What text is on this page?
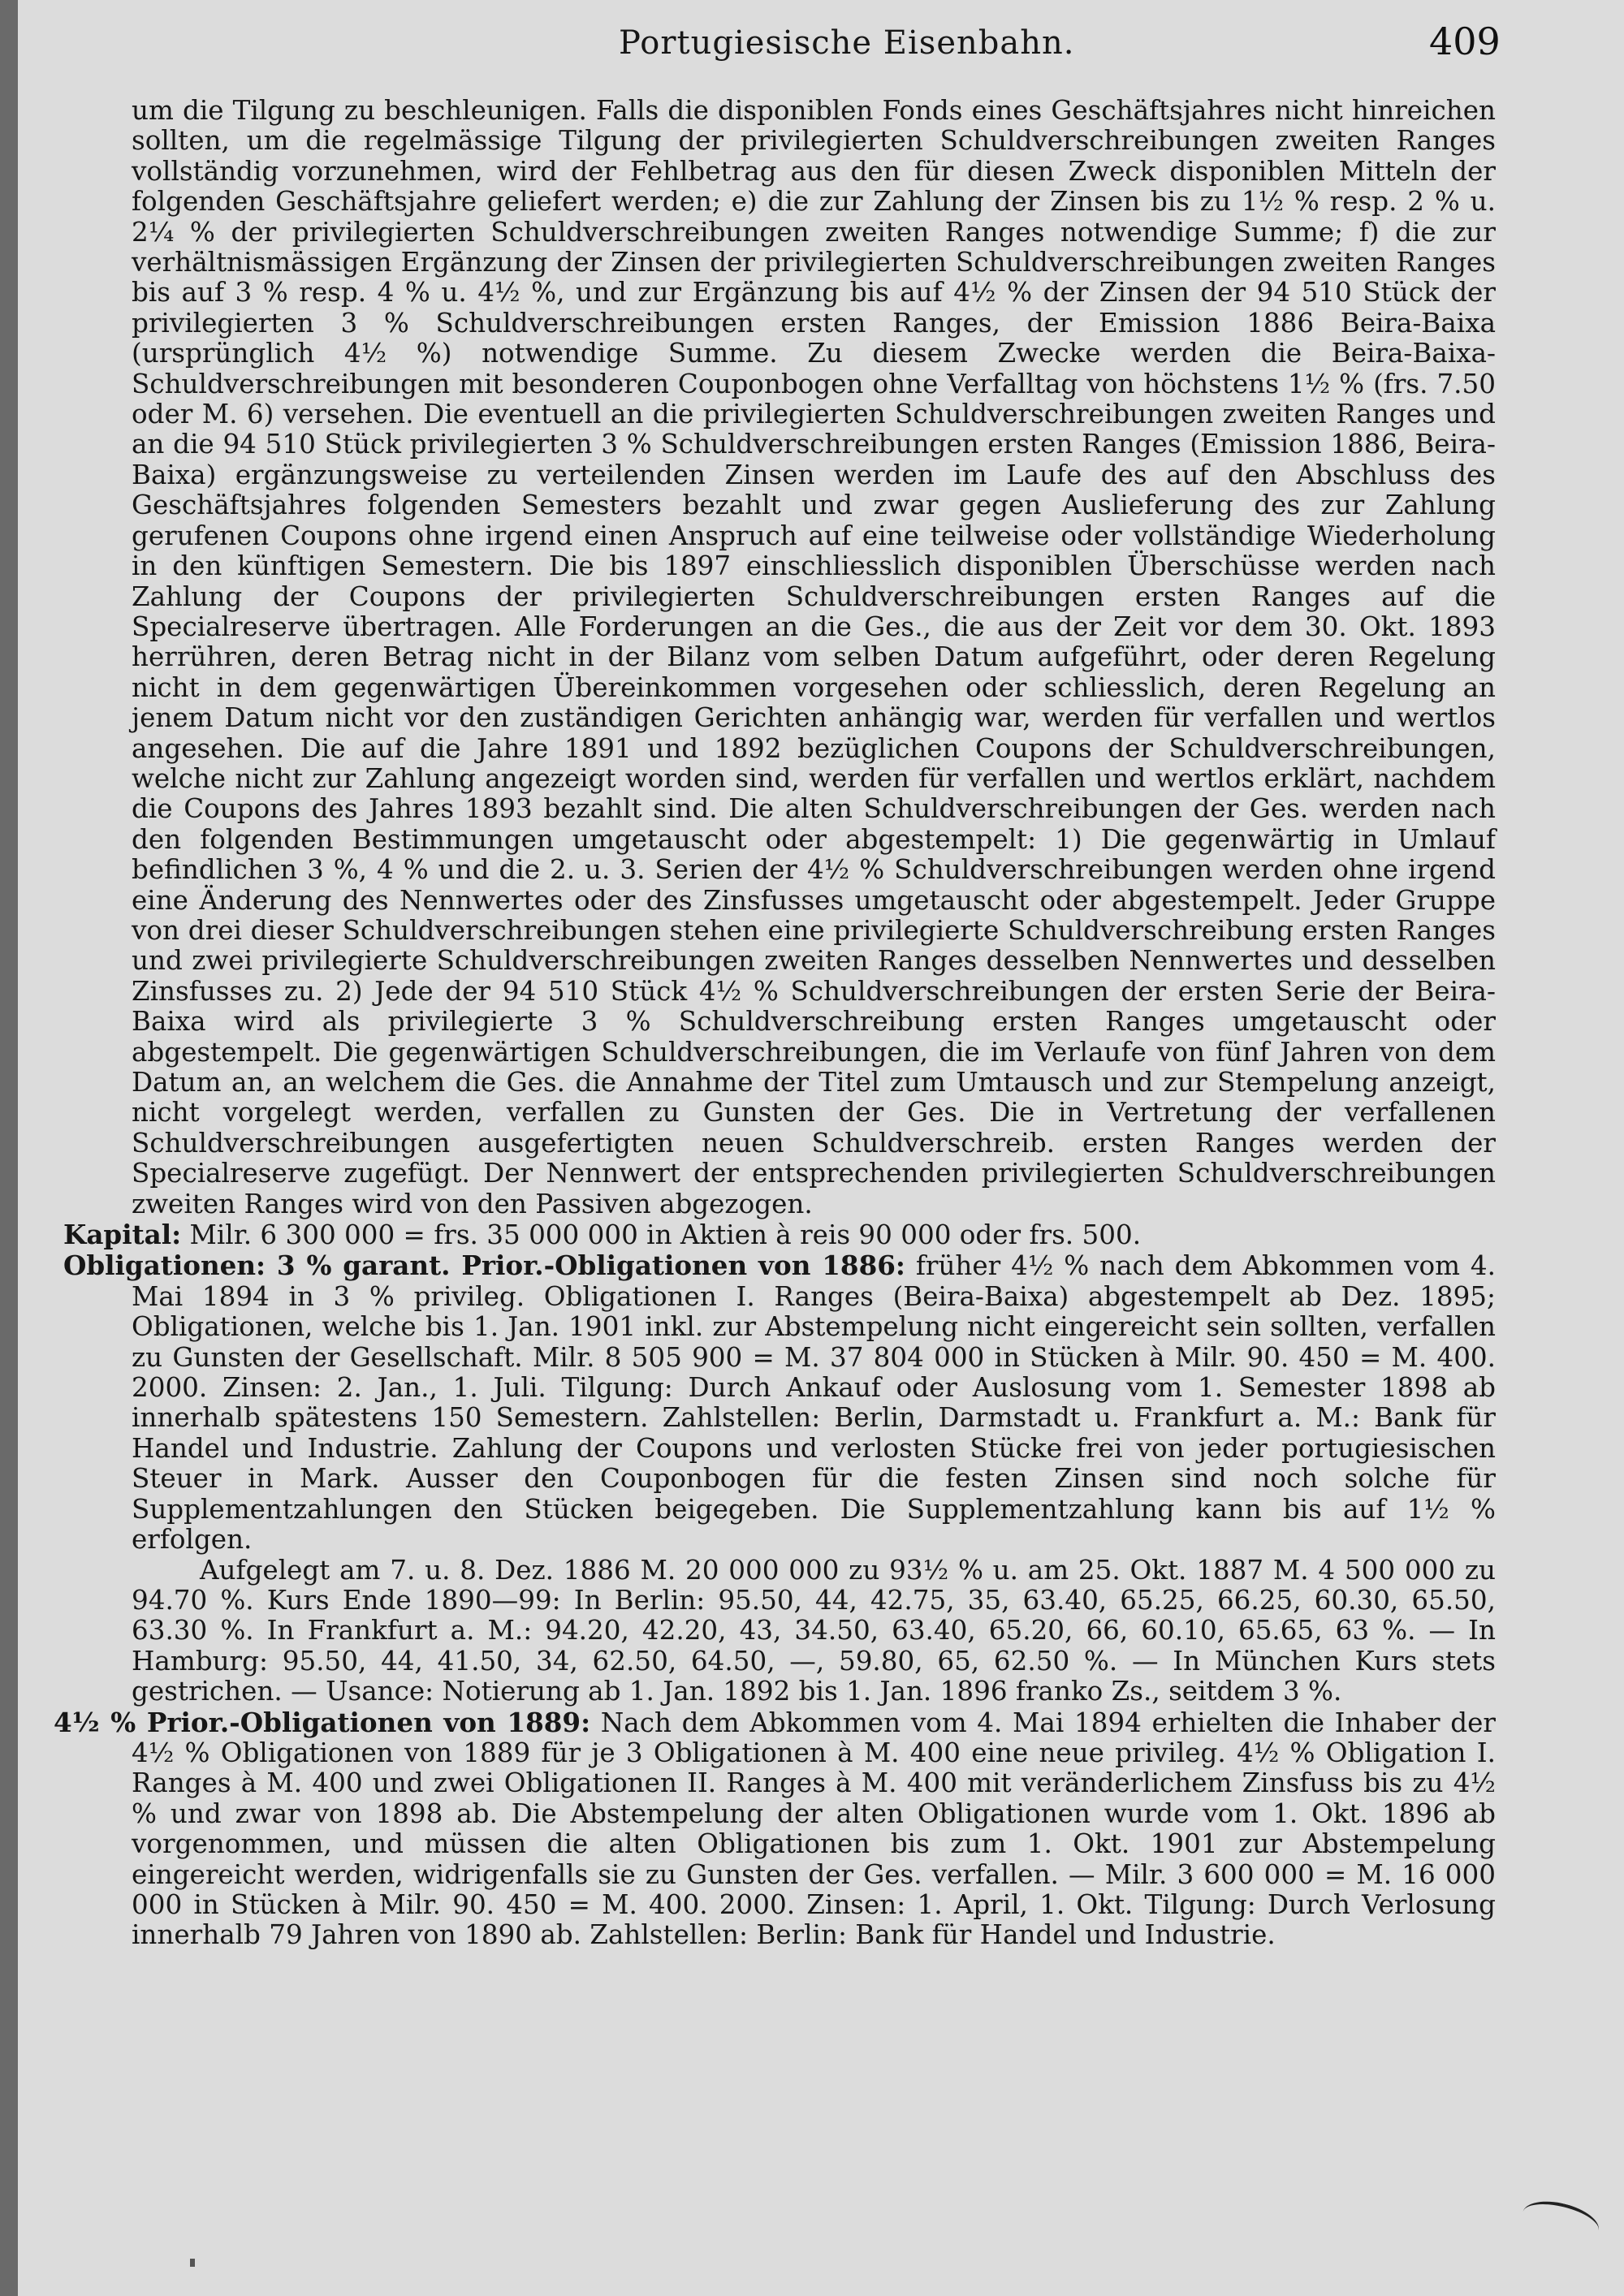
Portugiesische Eisenbahn.	409

um die Tilgung zu beschleunigen. Falls die disponiblen Fonds eines Geschäftsjahres nicht hinreichen sollten, um die regelmässige Tilgung der privilegierten Schuldverschreibungen zweiten Ranges vollständig vorzunehmen, wird der Fehlbetrag aus den für diesen Zweck disponiblen Mitteln der folgenden Geschäftsjahre geliefert werden; e) die zur Zahlung der Zinsen bis zu 1½ % resp. 2 % u. 2¼ % der privilegierten Schuldverschreibungen zweiten Ranges notwendige Summe; f) die zur verhältnismässigen Ergänzung der Zinsen der privilegierten Schuldverschreibungen zweiten Ranges bis auf 3 % resp. 4 % u. 4½ %, und zur Ergänzung bis auf 4½ % der Zinsen der 94 510 Stück der privilegierten 3 % Schuldverschreibungen ersten Ranges, der Emission 1886 Beira-Baixa (ursprünglich 4½ %) notwendige Summe. Zu diesem Zwecke werden die Beira-Baixa-Schuldverschreibungen mit besonderen Couponbogen ohne Verfalltag von höchstens 1½ % (frs. 7.50 oder M. 6) versehen. Die eventuell an die privilegierten Schuldverschreibungen zweiten Ranges und an die 94 510 Stück privilegierten 3 % Schuldverschreibungen ersten Ranges (Emission 1886, Beira-Baixa) ergänzungsweise zu verteilenden Zinsen werden im Laufe des auf den Abschluss des Geschäftsjahres folgenden Semesters bezahlt und zwar gegen Auslieferung des zur Zahlung gerufenen Coupons ohne irgend einen Anspruch auf eine teilweise oder vollständige Wiederholung in den künftigen Semestern. Die bis 1897 einschliesslich disponiblen Überschüsse werden nach Zahlung der Coupons der privilegierten Schuldverschreibungen ersten Ranges auf die Specialreserve übertragen. Alle Forderungen an die Ges., die aus der Zeit vor dem 30. Okt. 1893 herrühren, deren Betrag nicht in der Bilanz vom selben Datum aufgeführt, oder deren Regelung nicht in dem gegenwärtigen Übereinkommen vorgesehen oder schliesslich, deren Regelung an jenem Datum nicht vor den zuständigen Gerichten anhängig war, werden für verfallen und wertlos angesehen. Die auf die Jahre 1891 und 1892 bezüglichen Coupons der Schuldverschreibungen, welche nicht zur Zahlung angezeigt worden sind, werden für verfallen und wertlos erklärt, nachdem die Coupons des Jahres 1893 bezahlt sind. Die alten Schuldverschreibungen der Ges. werden nach den folgenden Bestimmungen umgetauscht oder abgestempelt: 1) Die gegenwärtig in Umlauf befindlichen 3 %, 4 % und die 2. u. 3. Serien der 4½ % Schuldverschreibungen werden ohne irgend eine Änderung des Nennwertes oder des Zinsfusses umgetauscht oder abgestempelt. Jeder Gruppe von drei dieser Schuldverschreibungen stehen eine privilegierte Schuldverschreibung ersten Ranges und zwei privilegierte Schuldverschreibungen zweiten Ranges desselben Nennwertes und desselben Zinsfusses zu. 2) Jede der 94 510 Stück 4½ % Schuldverschreibungen der ersten Serie der Beira-Baixa wird als privilegierte 3 % Schuldverschreibung ersten Ranges umgetauscht oder abgestempelt. Die gegenwärtigen Schuldverschreibungen, die im Verlaufe von fünf Jahren von dem Datum an, an welchem die Ges. die Annahme der Titel zum Umtausch und zur Stempelung anzeigt, nicht vorgelegt werden, verfallen zu Gunsten der Ges. Die in Vertretung der verfallenen Schuldverschreibungen ausgefertigten neuen Schuldverschreib. ersten Ranges werden der Specialreserve zugefügt. Der Nennwert der entsprechenden privilegierten Schuldverschreibungen zweiten Ranges wird von den Passiven abgezogen.

Kapital: Milr. 6 300 000 = frs. 35 000 000 in Aktien à reis 90 000 oder frs. 500.

Obligationen: 3 % garant. Prior.-Obligationen von 1886: früher 4½ % nach dem Abkommen vom 4. Mai 1894 in 3 % privileg. Obligationen I. Ranges (Beira-Baixa) abgestempelt ab Dez. 1895; Obligationen, welche bis 1. Jan. 1901 inkl. zur Abstempelung nicht eingereicht sein sollten, verfallen zu Gunsten der Gesellschaft. Milr. 8 505 900 = M. 37 804 000 in Stücken à Milr. 90. 450 = M. 400. 2000. Zinsen: 2. Jan., 1. Juli. Tilgung: Durch Ankauf oder Auslosung vom 1. Semester 1898 ab innerhalb spätestens 150 Semestern. Zahlstellen: Berlin, Darmstadt u. Frankfurt a. M.: Bank für Handel und Industrie. Zahlung der Coupons und verlosten Stücke frei von jeder portugiesischen Steuer in Mark. Ausser den Couponbogen für die festen Zinsen sind noch solche für Supplementzahlungen den Stücken beigegeben. Die Supplementzahlung kann bis auf 1½ % erfolgen.

Aufgelegt am 7. u. 8. Dez. 1886 M. 20 000 000 zu 93½ % u. am 25. Okt. 1887 M. 4 500 000 zu 94.70 %. Kurs Ende 1890—99: In Berlin: 95.50, 44, 42.75, 35, 63.40, 65.25, 66.25, 60.30, 65.50, 63.30 %. In Frankfurt a. M.: 94.20, 42.20, 43, 34.50, 63.40, 65.20, 66, 60.10, 65.65, 63 %. — In Hamburg: 95.50, 44, 41.50, 34, 62.50, 64.50, —, 59.80, 65, 62.50 %. — In München Kurs stets gestrichen. — Usance: Notierung ab 1. Jan. 1892 bis 1. Jan. 1896 franko Zs., seitdem 3 %.

4½ % Prior.-Obligationen von 1889: Nach dem Abkommen vom 4. Mai 1894 erhielten die Inhaber der 4½ % Obligationen von 1889 für je 3 Obligationen à M. 400 eine neue privileg. 4½ % Obligation I. Ranges à M. 400 und zwei Obligationen II. Ranges à M. 400 mit veränderlichem Zinsfuss bis zu 4½ % und zwar von 1898 ab. Die Abstempelung der alten Obligationen wurde vom 1. Okt. 1896 ab vorgenommen, und müssen die alten Obligationen bis zum 1. Okt. 1901 zur Abstempelung eingereicht werden, widrigenfalls sie zu Gunsten der Ges. verfallen. — Milr. 3 600 000 = M. 16 000 000 in Stücken à Milr. 90. 450 = M. 400. 2000. Zinsen: 1. April, 1. Okt. Tilgung: Durch Verlosung innerhalb 79 Jahren von 1890 ab. Zahlstellen: Berlin: Bank für Handel und Industrie.
